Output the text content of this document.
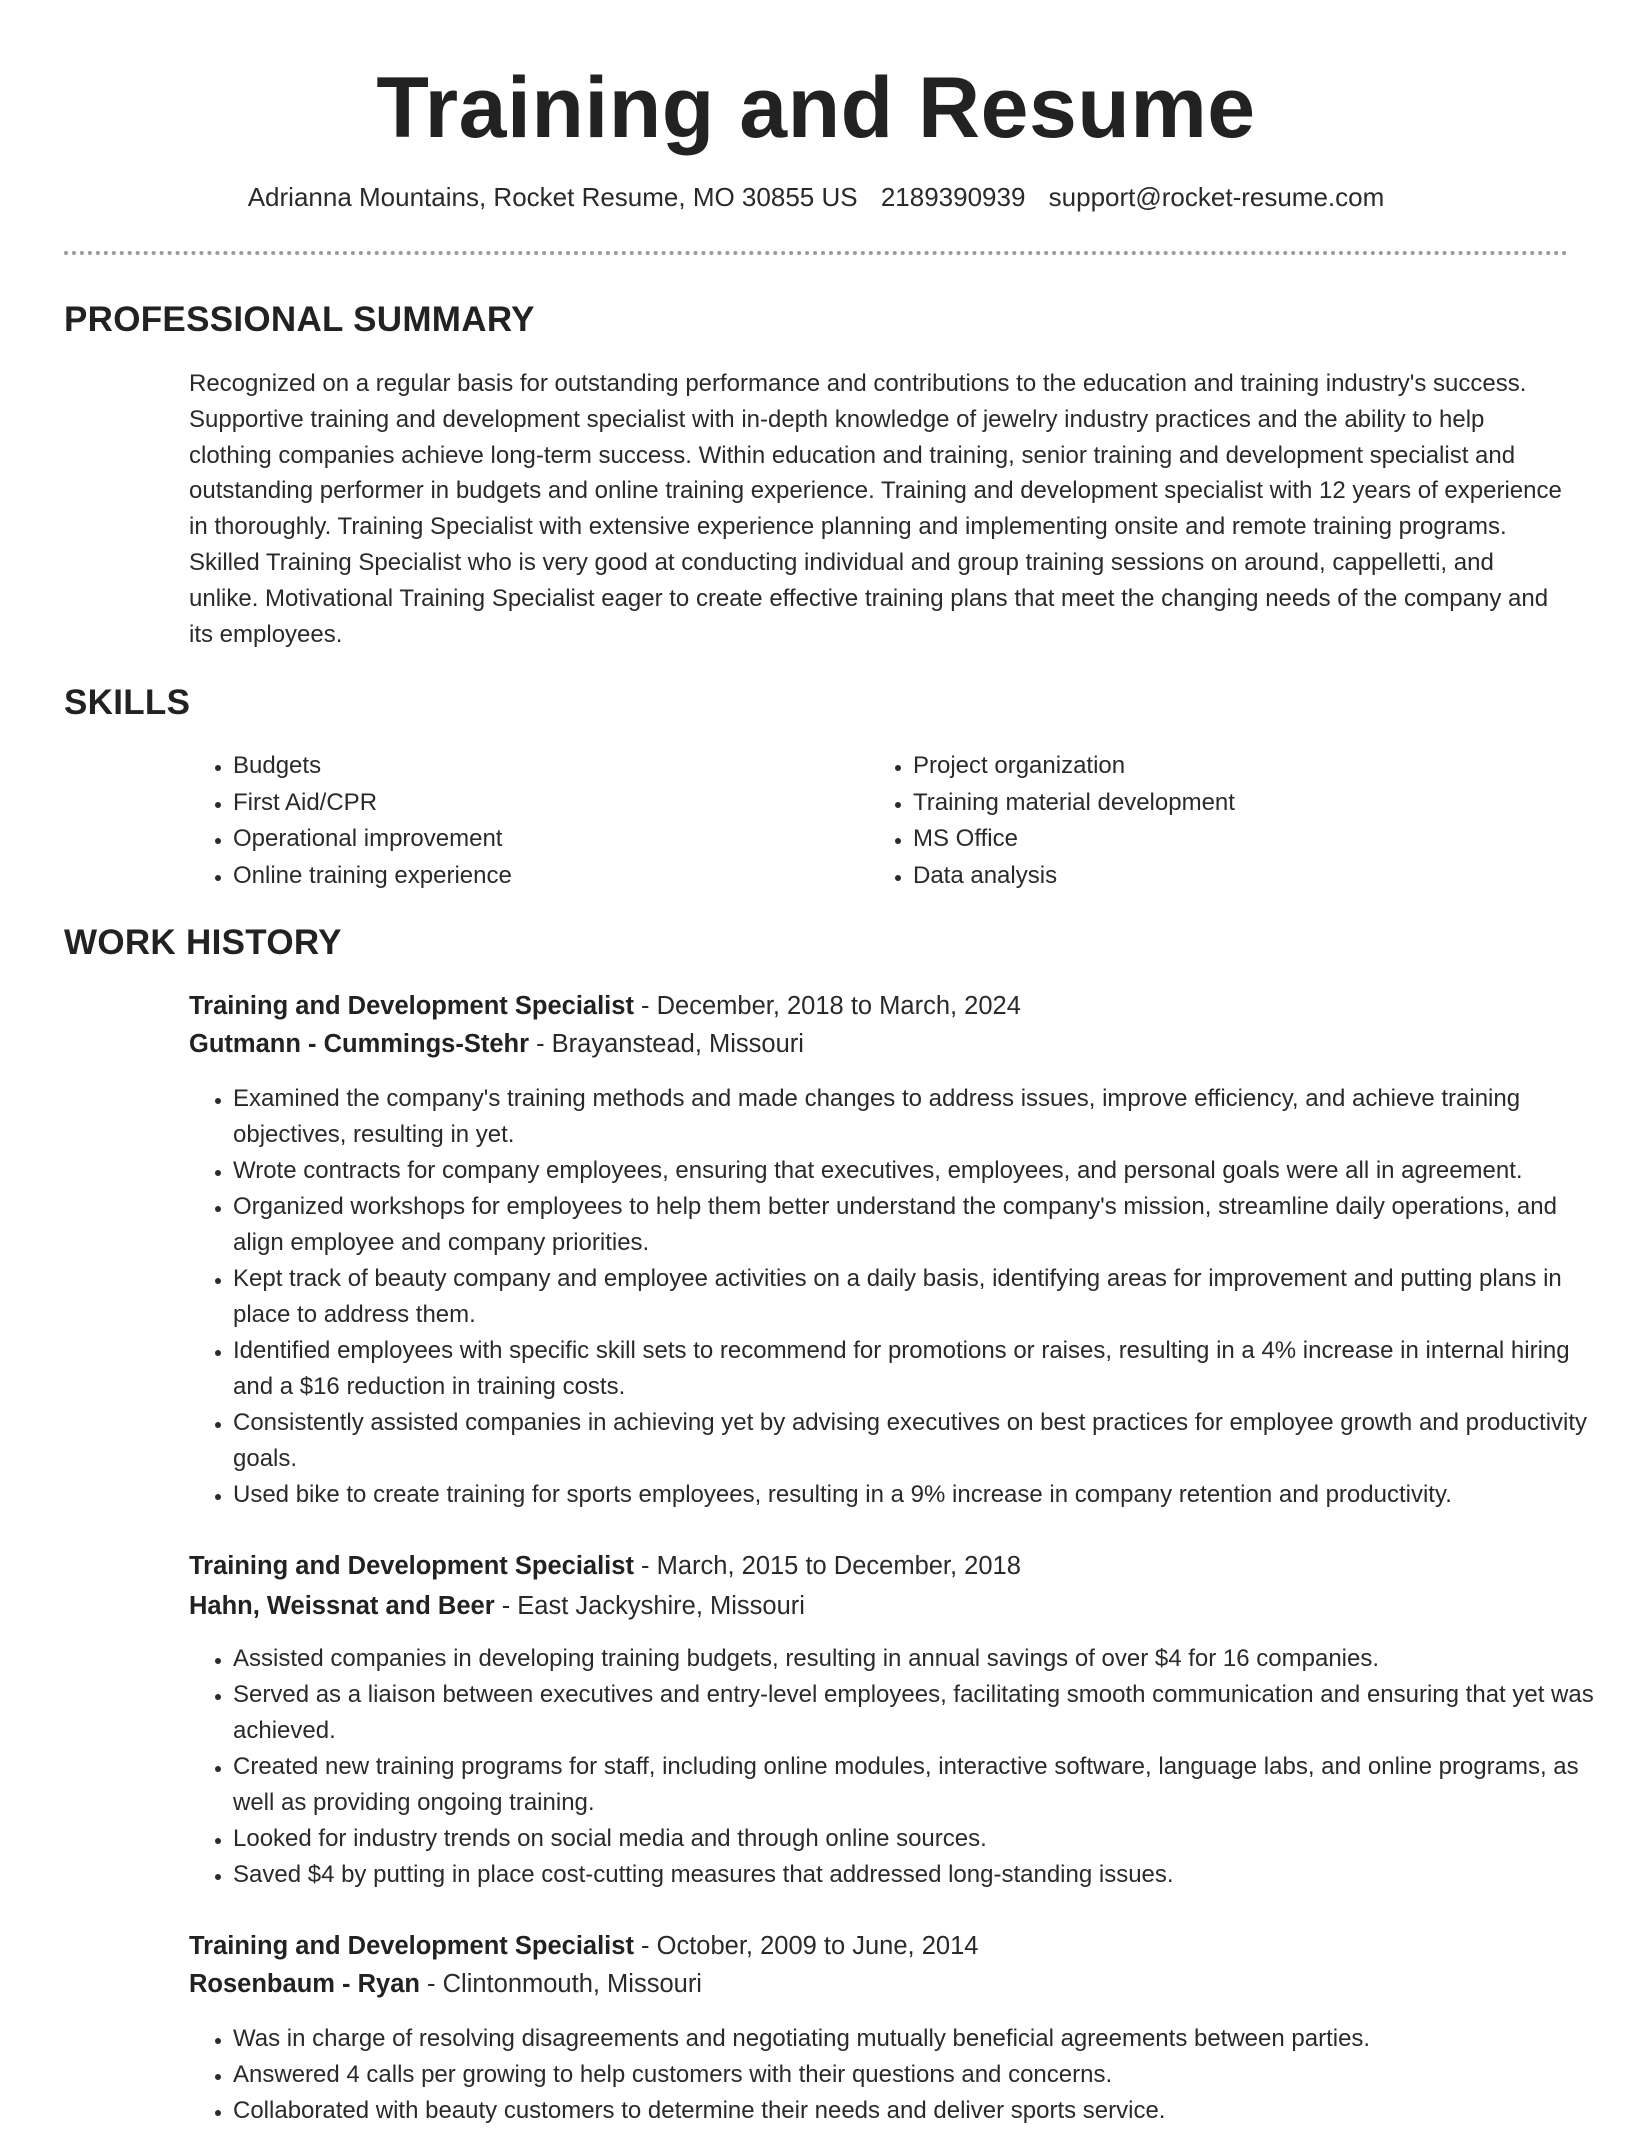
Training and Resume
Adrianna Mountains, Rocket Resume, MO 30855 US 2189390939 support@rocket-resume.com
PROFESSIONAL SUMMARY

Recognized on a regular basis for outstanding performance and contributions to the education and training industry's success. Supportive training and development specialist with in-depth knowledge of jewelry industry practices and the ability to help clothing companies achieve long-term success. Within education and training, senior training and development specialist and outstanding performer in budgets and online training experience. Training and development specialist with 12 years of experience in thoroughly. Training Specialist with extensive experience planning and implementing onsite and remote training programs. Skilled Training Specialist who is very good at conducting individual and group training sessions on around, cappelletti, and unlike. Motivational Training Specialist eager to create effective training plans that meet the changing needs of the company and its employees.

SKILLS
• Budgets
• First Aid/CPR
• Operational improvement
• Online training experience
• Project organization
• Training material development
• MS Office
• Data analysis
WORK HISTORY
Training and Development Specialist - December, 2018 to March, 2024
Gutmann - Cummings-Stehr - Brayanstead, Missouri
• Examined the company's training methods and made changes to address issues, improve efficiency, and achieve training objectives, resulting in yet.
• Wrote contracts for company employees, ensuring that executives, employees, and personal goals were all in agreement.
• Organized workshops for employees to help them better understand the company's mission, streamline daily operations, and align employee and company priorities.
• Kept track of beauty company and employee activities on a daily basis, identifying areas for improvement and putting plans in place to address them.
• Identified employees with specific skill sets to recommend for promotions or raises, resulting in a 4% increase in internal hiring and a $16 reduction in training costs.
• Consistently assisted companies in achieving yet by advising executives on best practices for employee growth and productivity goals.
• Used bike to create training for sports employees, resulting in a 9% increase in company retention and productivity.
Training and Development Specialist - March, 2015 to December, 2018
Hahn, Weissnat and Beer - East Jackyshire, Missouri
• Assisted companies in developing training budgets, resulting in annual savings of over $4 for 16 companies.
• Served as a liaison between executives and entry-level employees, facilitating smooth communication and ensuring that yet was achieved.
• Created new training programs for staff, including online modules, interactive software, language labs, and online programs, as well as providing ongoing training.
• Looked for industry trends on social media and through online sources.
• Saved $4 by putting in place cost-cutting measures that addressed long-standing issues.
Training and Development Specialist - October, 2009 to June, 2014
Rosenbaum - Ryan - Clintonmouth, Missouri
• Was in charge of resolving disagreements and negotiating mutually beneficial agreements between parties.
• Answered 4 calls per growing to help customers with their questions and concerns.
• Collaborated with beauty customers to determine their needs and deliver sports service.
